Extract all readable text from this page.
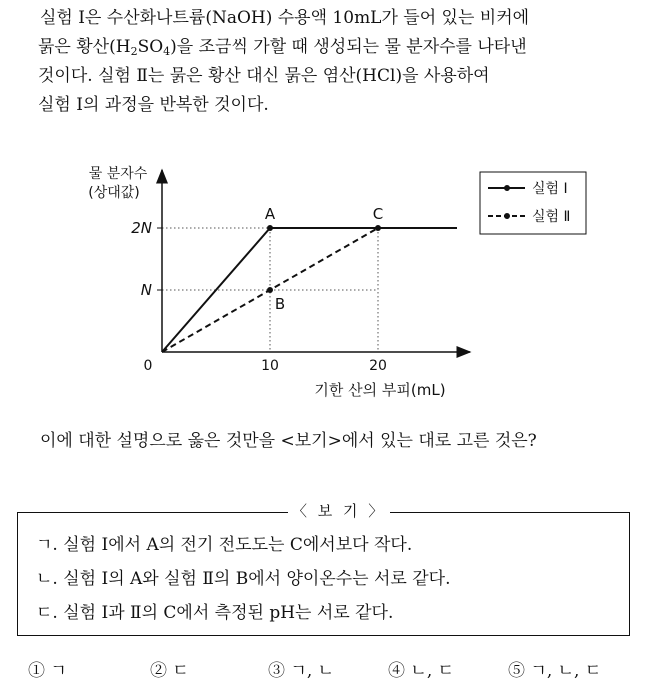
실험 Ⅰ은 수산화나트륨(NaOH) 수용액 10mL가 들어 있는 비커에
묽은 황산$(H_2SO_4)$을 조금씩 가할 때 생성되는 물 분자수를 나타낸
것이다. 실험 Ⅱ는 묽은 황산 대신 묽은 염산(HCl)을 사용하여
실험 Ⅰ의 과정을 반복한 것이다.
물 분자수
(상대값)
기한 산의 부피(mL)
0
2N
N
10	20
A
B
C
실험 Ⅰ
실험 Ⅱ
이에 대한 설명으로 옳은 것만을 <보기>에서 있는 대로 고른 것은?
〈 보 기 〉
ㄱ. 실험 Ⅰ에서 A의 전기 전도도는 C에서보다 작다.
ㄴ. 실험 Ⅰ의 A와 실험 Ⅱ의 B에서 양이온수는 서로 같다.
ㄷ. 실험 Ⅰ과 Ⅱ의 C에서 측정된 pH는 서로 같다.
① ㄱ	② ㄷ	③ ㄱ, ㄴ	④ ㄴ, ㄷ	⑤ ㄱ, ㄴ, ㄷ
